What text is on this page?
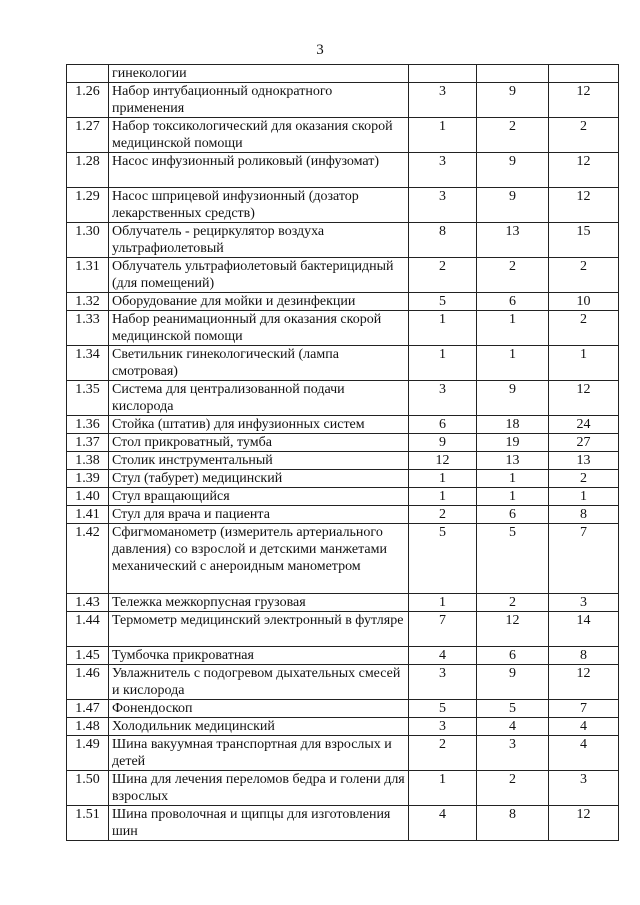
3
	гинекологии			
1.26	Набор интубационный однократного применения	3	9	12
1.27	Набор токсикологический для оказания скорой медицинской помощи	1	2	2
1.28	Насос инфузионный роликовый (инфузомат)	3	9	12
1.29	Насос шприцевой инфузионный (дозатор лекарственных средств)	3	9	12
1.30	Облучатель - рециркулятор воздуха ультрафиолетовый	8	13	15
1.31	Облучатель ультрафиолетовый бактерицидный (для помещений)	2	2	2
1.32	Оборудование для мойки и дезинфекции	5	6	10
1.33	Набор реанимационный для оказания скорой медицинской помощи	1	1	2
1.34	Светильник гинекологический (лампа смотровая)	1	1	1
1.35	Система для централизованной подачи кислорода	3	9	12
1.36	Стойка (штатив) для инфузионных систем	6	18	24
1.37	Стол прикроватный, тумба	9	19	27
1.38	Столик инструментальный	12	13	13
1.39	Стул (табурет) медицинский	1	1	2
1.40	Стул вращающийся	1	1	1
1.41	Стул для врача и пациента	2	6	8
1.42	Сфигмоманометр (измеритель артериального давления) со взрослой и детскими манжетами механический с анероидным манометром	5	5	7
1.43	Тележка межкорпусная грузовая	1	2	3
1.44	Термометр медицинский электронный в футляре	7	12	14
1.45	Тумбочка прикроватная	4	6	8
1.46	Увлажнитель с подогревом дыхательных смесей и кислорода	3	9	12
1.47	Фонендоскоп	5	5	7
1.48	Холодильник медицинский	3	4	4
1.49	Шина вакуумная транспортная для взрослых и детей	2	3	4
1.50	Шина для лечения переломов бедра и голени для взрослых	1	2	3
1.51	Шина проволочная и щипцы для изготовления шин	4	8	12
